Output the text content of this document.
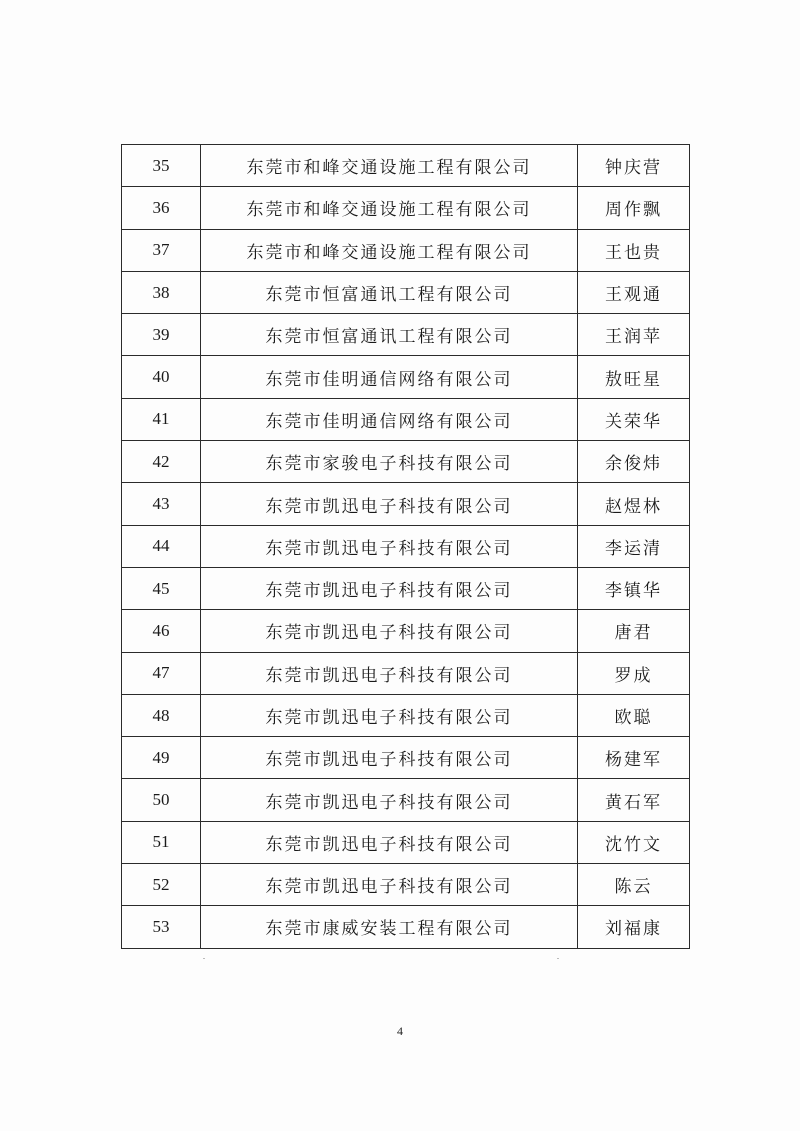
35	东莞市和峰交通设施工程有限公司	钟庆营
36	东莞市和峰交通设施工程有限公司	周作飘
37	东莞市和峰交通设施工程有限公司	王也贵
38	东莞市恒富通讯工程有限公司	王观通
39	东莞市恒富通讯工程有限公司	王润苹
40	东莞市佳明通信网络有限公司	敖旺星
41	东莞市佳明通信网络有限公司	关荣华
42	东莞市家骏电子科技有限公司	余俊炜
43	东莞市凯迅电子科技有限公司	赵煜林
44	东莞市凯迅电子科技有限公司	李运清
45	东莞市凯迅电子科技有限公司	李镇华
46	东莞市凯迅电子科技有限公司	唐君
47	东莞市凯迅电子科技有限公司	罗成
48	东莞市凯迅电子科技有限公司	欧聪
49	东莞市凯迅电子科技有限公司	杨建军
50	东莞市凯迅电子科技有限公司	黄石军
51	东莞市凯迅电子科技有限公司	沈竹文
52	东莞市凯迅电子科技有限公司	陈云
53	东莞市康威安装工程有限公司	刘福康
4
